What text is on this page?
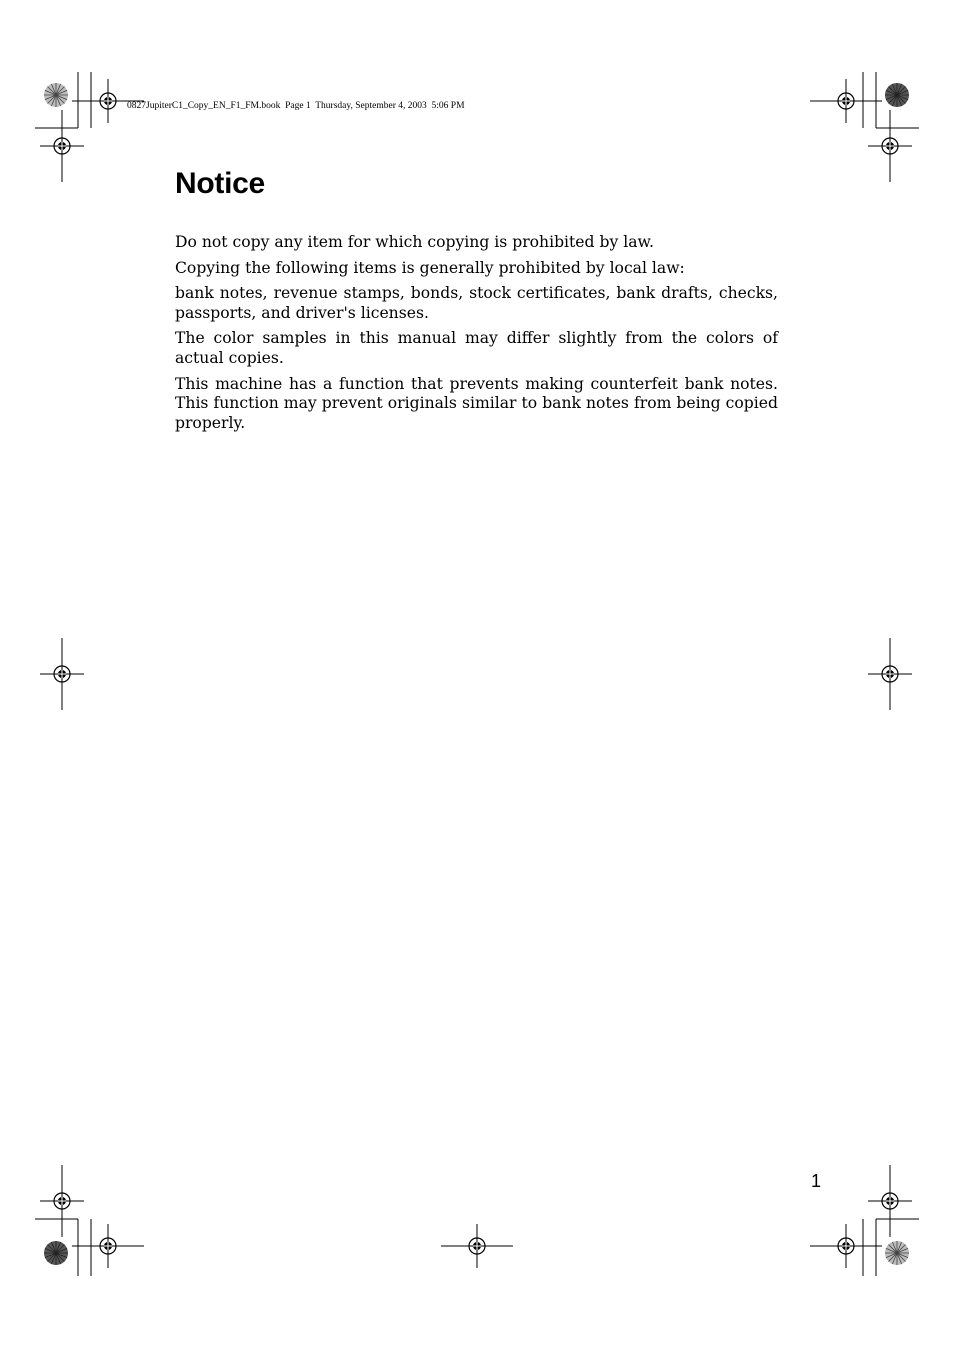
0827JupiterC1_Copy_EN_F1_FM.book  Page 1  Thursday, September 4, 2003  5:06 PM
Notice

Do not copy any item for which copying is prohibited by law.

Copying the following items is generally prohibited by local law:

bank notes, revenue stamps, bonds, stock certificates, bank drafts, checks, passports, and driver's licenses.

The color samples in this manual may differ slightly from the colors of actual copies.

This machine has a function that prevents making counterfeit bank notes. This function may prevent originals similar to bank notes from being copied properly.

1
